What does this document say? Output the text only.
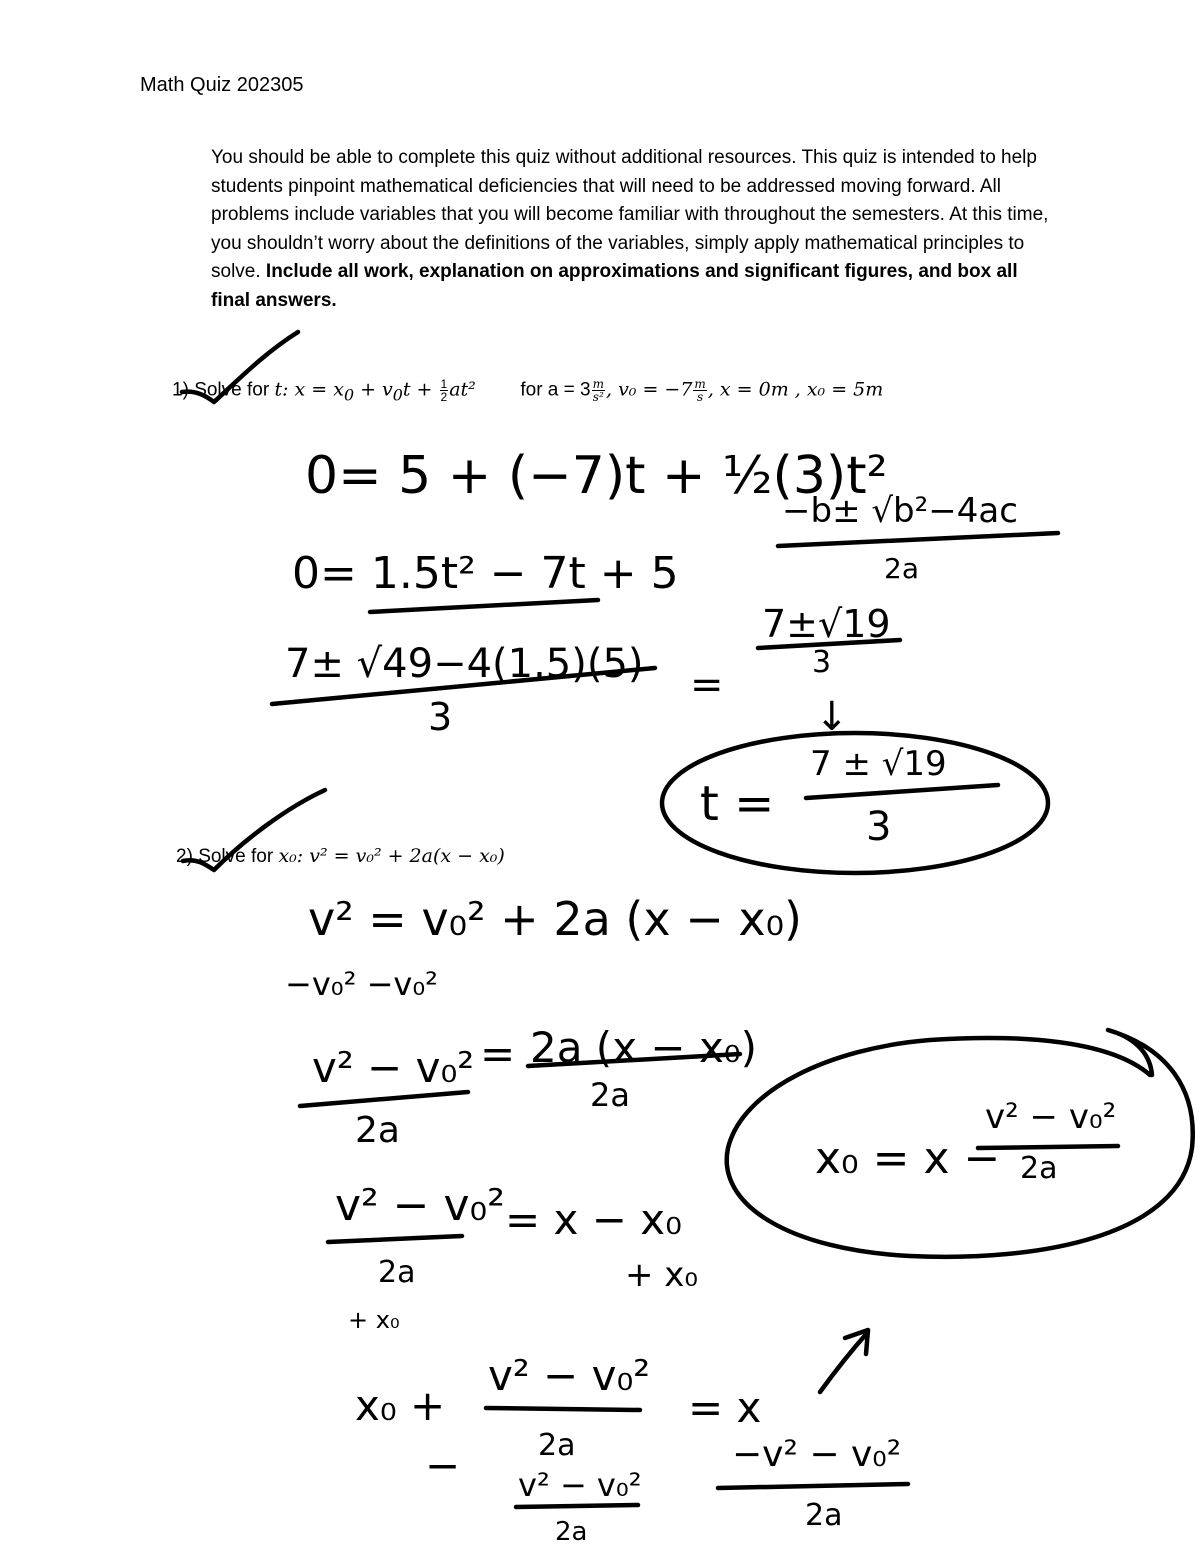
Math Quiz 202305
You should be able to complete this quiz without additional resources. This quiz is intended to help students pinpoint mathematical deficiencies that will need to be addressed moving forward. All problems include variables that you will become familiar with throughout the semesters. At this time, you shouldn’t worry about the definitions of the variables, simply apply mathematical principles to solve. Include all work, explanation on approximations and significant figures, and box all final answers.
1) Solve for t: $x = x_0 + v_0t + \frac{1}{2} at^2$ for $a = 3 \frac{m}{\text{s²}}$ , $v_0 = -7 \frac{m}{s}$ , x = 0m , x₀ = 5m
2) Solve for x₀: v² = v₀² + 2a(x − x₀)
0= 5 + (−7)t + ½(3)t²
0= 1.5t² − 7t + 5
−b± √b²−4ac
2a
7± √49−4(1.5)(5)
3
=
7±√19
3
↓
t =
7 ± √19
3
v² = v₀² + 2a (x − x₀)
−v₀² −v₀²
v² − v₀² = 2a (x − x₀)
2a
2a
x₀ = x −
v² − v₀²
2a
v² − v₀²
2a
= x − x₀
+ x₀
+ x₀
x₀ +
v² − v₀²
2a
= x
− v² − v₀²
2a
−v² − v₀²
2a
